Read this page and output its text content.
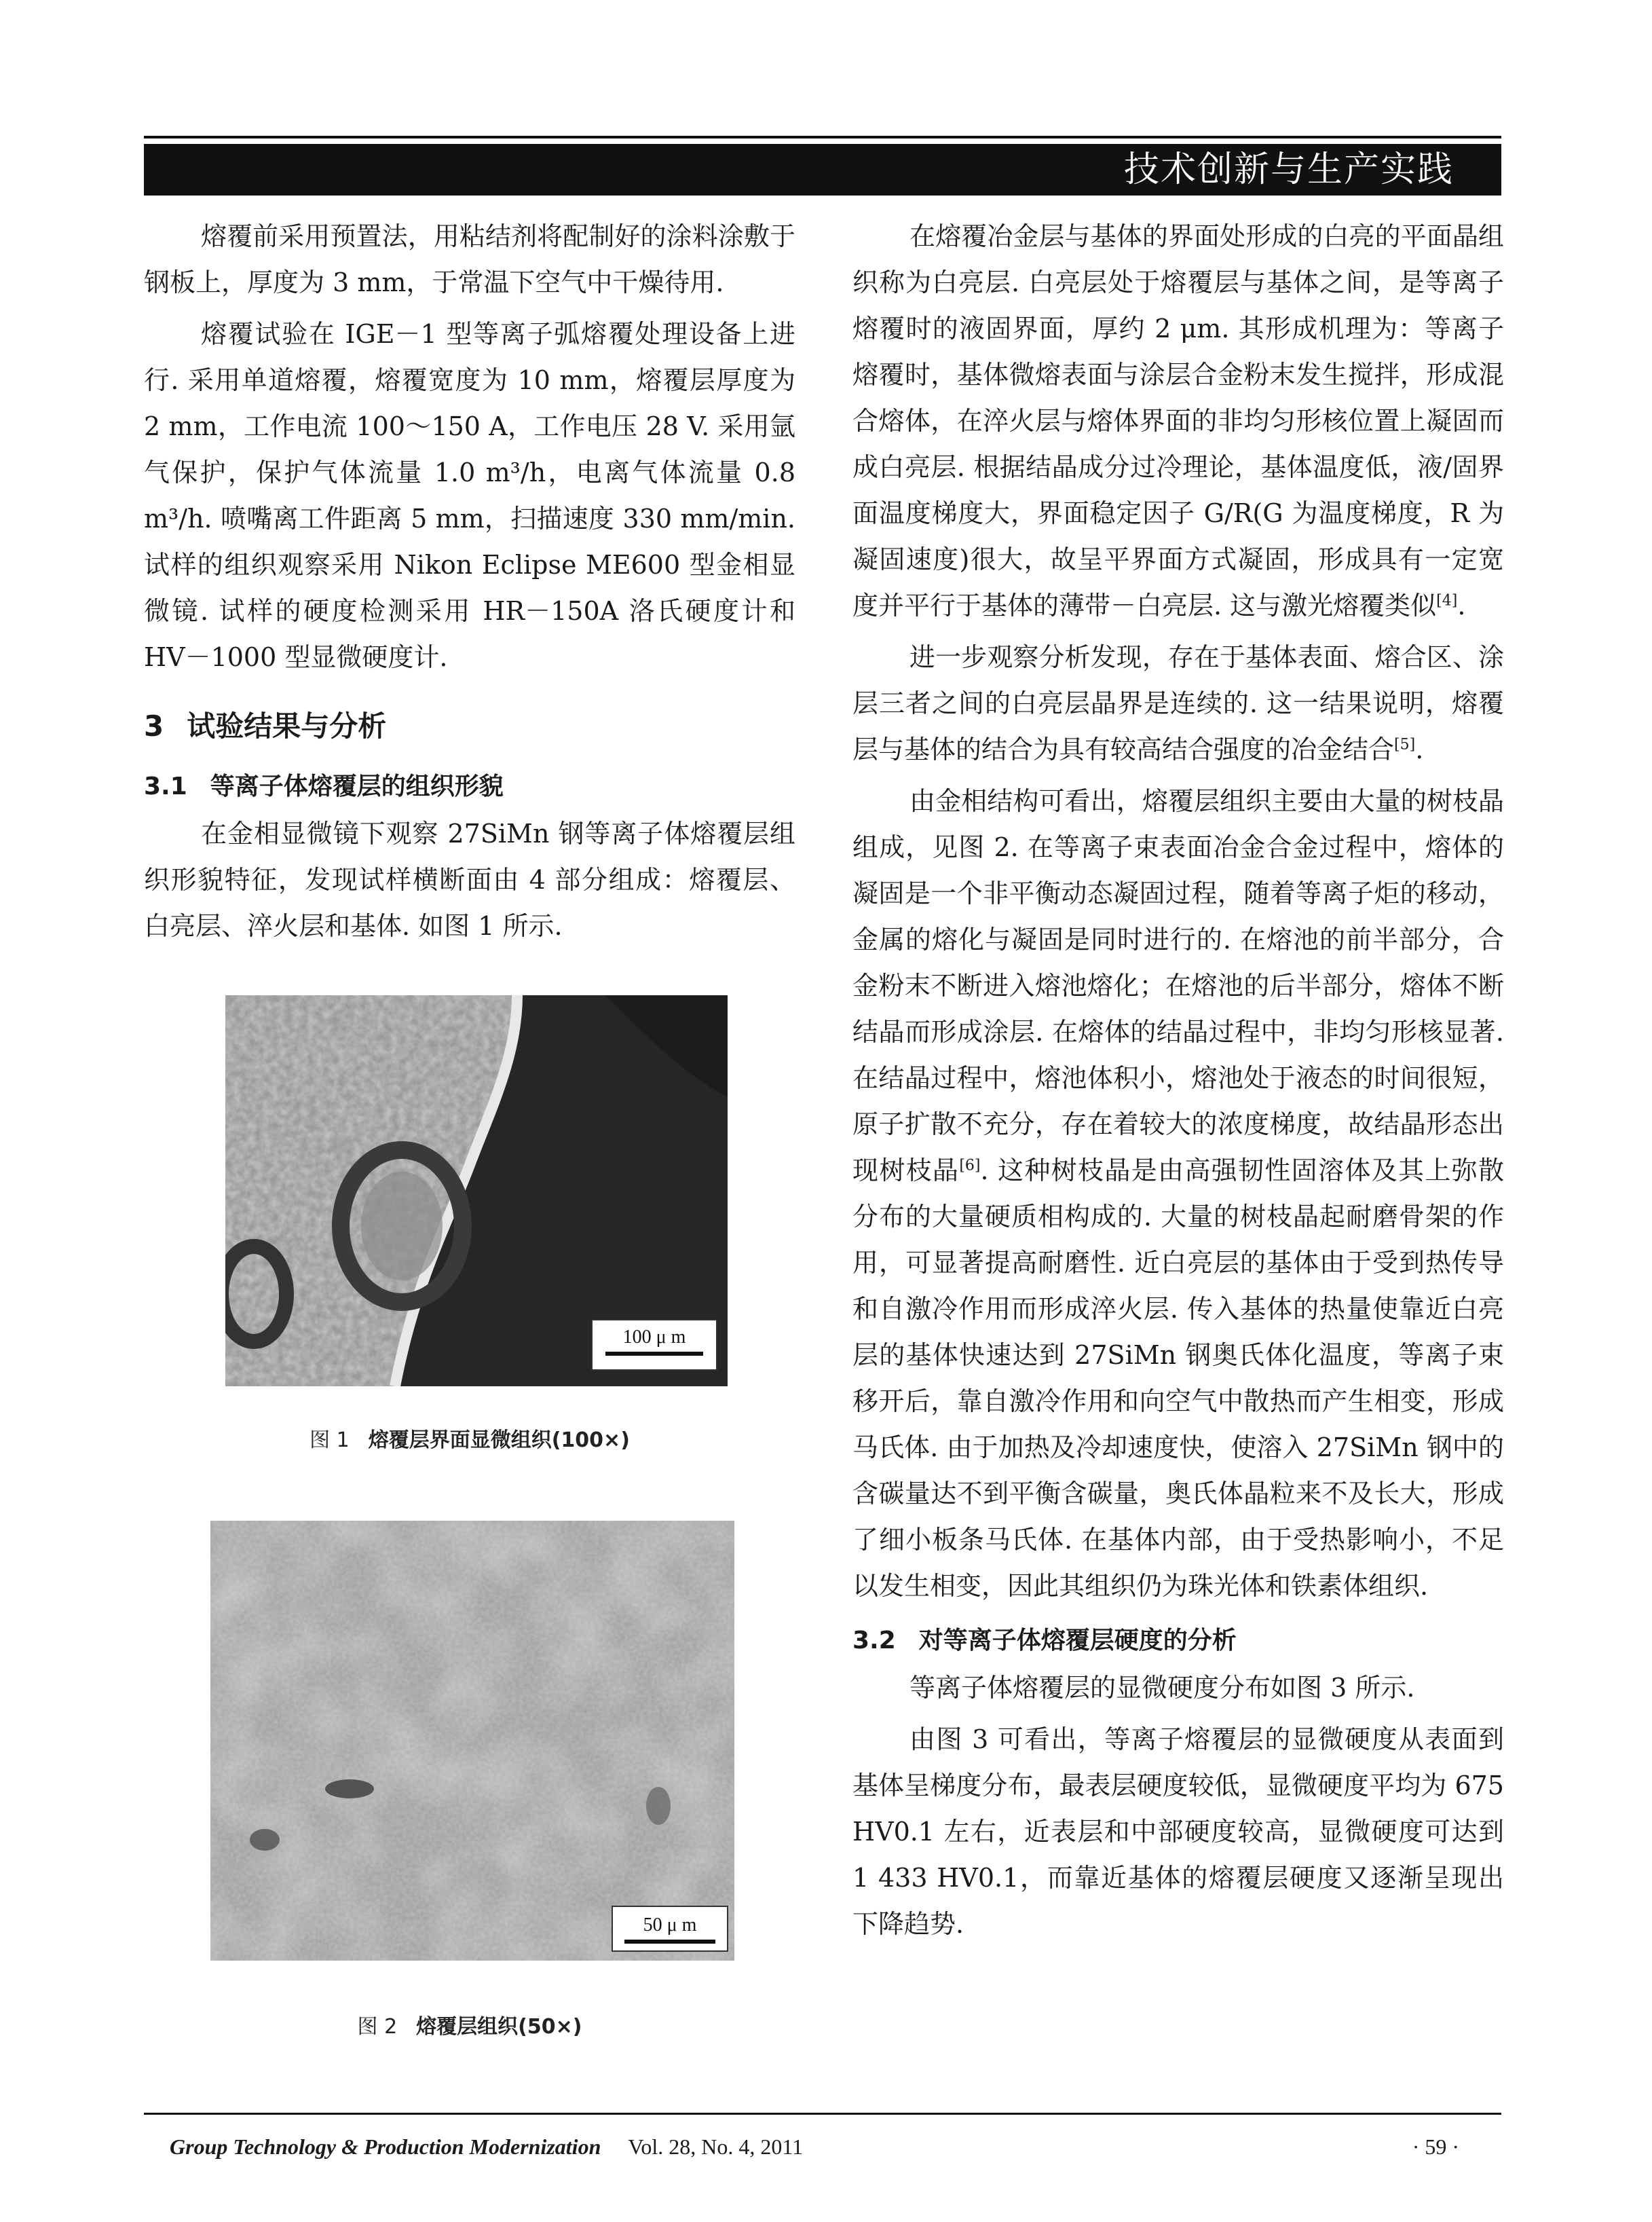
技术创新与生产实践

熔覆前采用预置法，用粘结剂将配制好的涂料涂敷于钢板上，厚度为 3 mm，于常温下空气中干燥待用.

熔覆试验在 IGE－1 型等离子弧熔覆处理设备上进行. 采用单道熔覆，熔覆宽度为 10 mm，熔覆层厚度为 2 mm，工作电流 100～150 A，工作电压 28 V. 采用氩气保护，保护气体流量 1.0 m³/h，电离气体流量 0.8 m³/h. 喷嘴离工件距离 5 mm，扫描速度 330 mm/min. 试样的组织观察采用 Nikon Eclipse ME600 型金相显微镜. 试样的硬度检测采用 HR－150A 洛氏硬度计和 HV－1000 型显微硬度计.

3 试验结果与分析
3.1 等离子体熔覆层的组织形貌

在金相显微镜下观察 27SiMn 钢等离子体熔覆层组织形貌特征，发现试样横断面由 4 部分组成：熔覆层、白亮层、淬火层和基体. 如图 1 所示.

100 μ m
图 1 熔覆层界面显微组织(100×)
50 μ m
图 2 熔覆层组织(50×)

在熔覆冶金层与基体的界面处形成的白亮的平面晶组织称为白亮层. 白亮层处于熔覆层与基体之间，是等离子熔覆时的液固界面，厚约 2 μm. 其形成机理为：等离子熔覆时，基体微熔表面与涂层合金粉末发生搅拌，形成混合熔体，在淬火层与熔体界面的非均匀形核位置上凝固而成白亮层. 根据结晶成分过冷理论，基体温度低，液/固界面温度梯度大，界面稳定因子 G/R(G 为温度梯度，R 为凝固速度)很大，故呈平界面方式凝固，形成具有一定宽度并平行于基体的薄带－白亮层. 这与激光熔覆类似[4].

进一步观察分析发现，存在于基体表面、熔合区、涂层三者之间的白亮层晶界是连续的. 这一结果说明，熔覆层与基体的结合为具有较高结合强度的冶金结合[5].

由金相结构可看出，熔覆层组织主要由大量的树枝晶组成，见图 2. 在等离子束表面冶金合金过程中，熔体的凝固是一个非平衡动态凝固过程，随着等离子炬的移动，金属的熔化与凝固是同时进行的. 在熔池的前半部分，合金粉末不断进入熔池熔化；在熔池的后半部分，熔体不断结晶而形成涂层. 在熔体的结晶过程中，非均匀形核显著. 在结晶过程中，熔池体积小，熔池处于液态的时间很短，原子扩散不充分，存在着较大的浓度梯度，故结晶形态出现树枝晶[6]. 这种树枝晶是由高强韧性固溶体及其上弥散分布的大量硬质相构成的. 大量的树枝晶起耐磨骨架的作用，可显著提高耐磨性. 近白亮层的基体由于受到热传导和自激冷作用而形成淬火层. 传入基体的热量使靠近白亮层的基体快速达到 27SiMn 钢奥氏体化温度，等离子束移开后，靠自激冷作用和向空气中散热而产生相变，形成马氏体. 由于加热及冷却速度快，使溶入 27SiMn 钢中的含碳量达不到平衡含碳量，奥氏体晶粒来不及长大，形成了细小板条马氏体. 在基体内部，由于受热影响小，不足以发生相变，因此其组织仍为珠光体和铁素体组织.

3.2 对等离子体熔覆层硬度的分析

等离子体熔覆层的显微硬度分布如图 3 所示.

由图 3 可看出，等离子熔覆层的显微硬度从表面到基体呈梯度分布，最表层硬度较低，显微硬度平均为 675 HV0.1 左右，近表层和中部硬度较高，显微硬度可达到 1 433 HV0.1，而靠近基体的熔覆层硬度又逐渐呈现出下降趋势.

Group Technology & Production Modernization Vol. 28, No. 4, 2011	· 59 ·
